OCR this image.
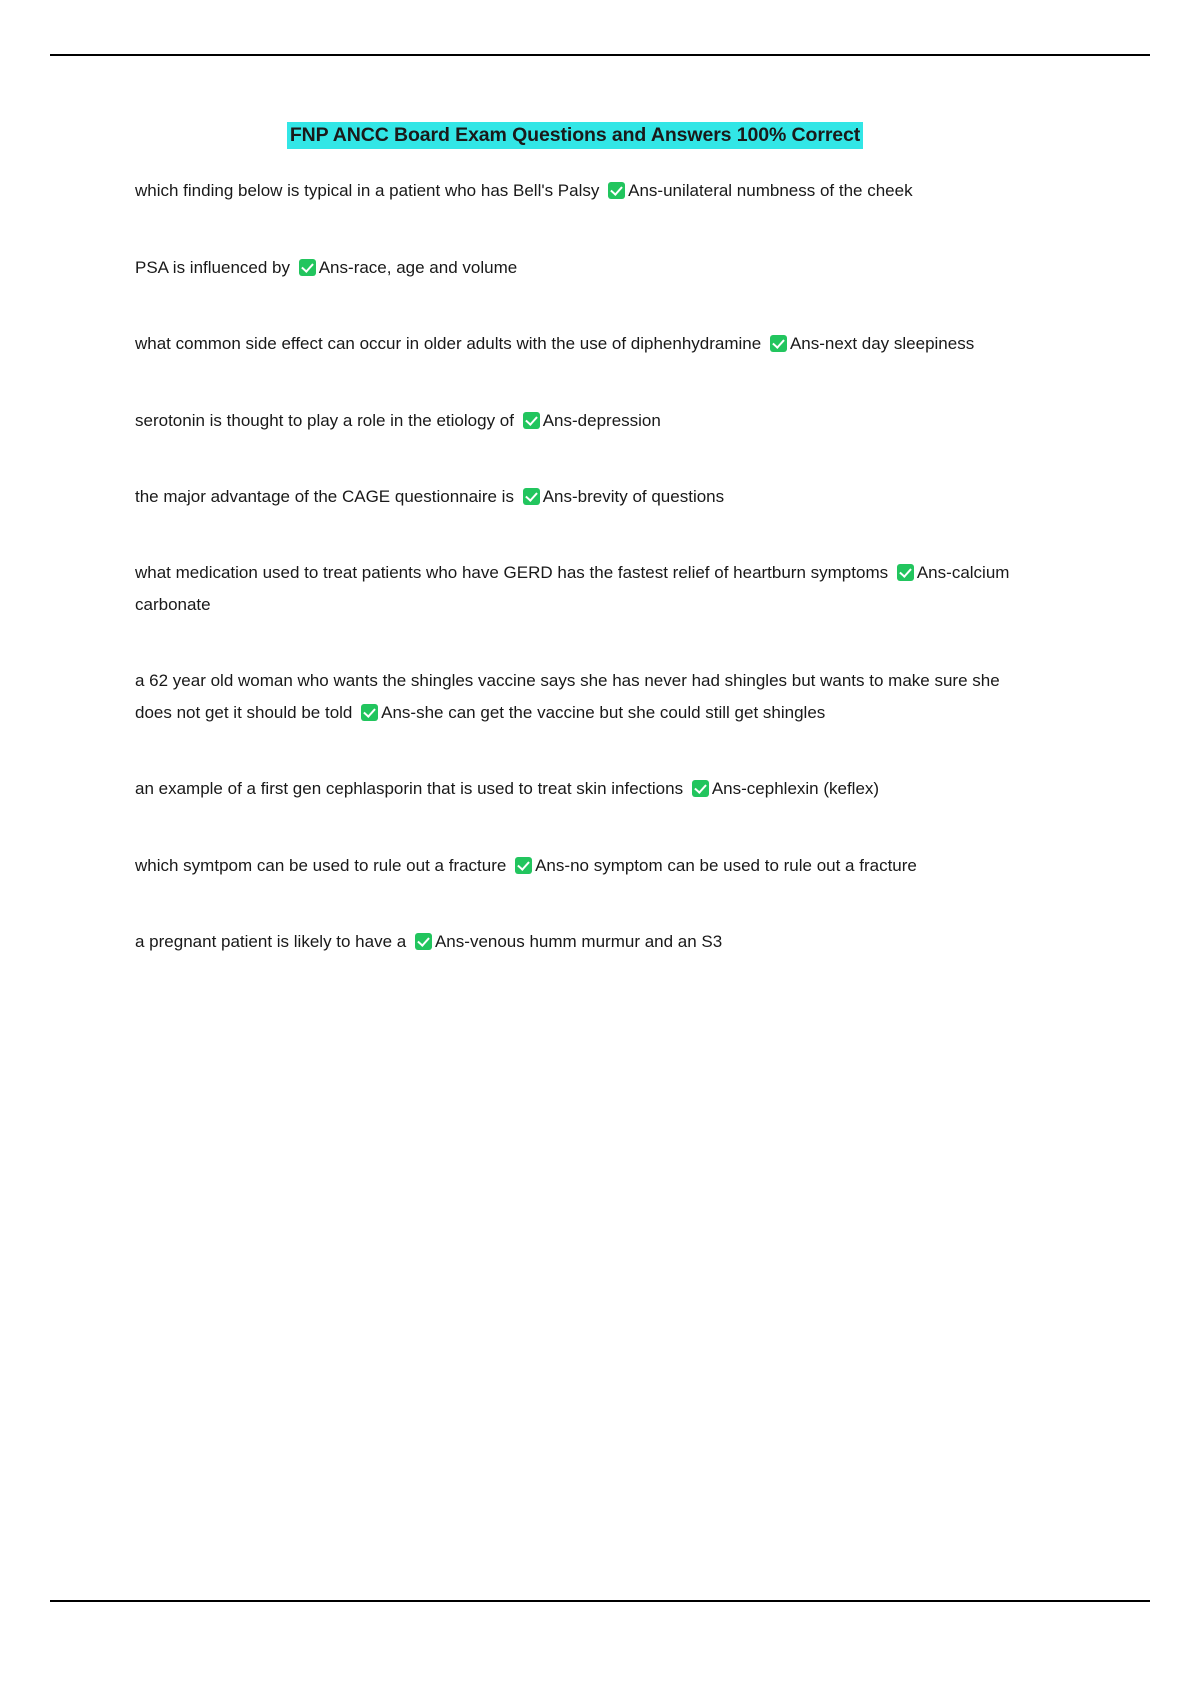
FNP ANCC Board Exam Questions and Answers 100% Correct

which finding below is typical in a patient who has Bell's Palsy Ans-unilateral numbness of the cheek

PSA is influenced by Ans-race, age and volume

what common side effect can occur in older adults with the use of diphenhydramine Ans-next day sleepiness

serotonin is thought to play a role in the etiology of Ans-depression

the major advantage of the CAGE questionnaire is Ans-brevity of questions

what medication used to treat patients who have GERD has the fastest relief of heartburn symptoms Ans-calcium carbonate

a 62 year old woman who wants the shingles vaccine says she has never had shingles but wants to make sure she does not get it should be told Ans-she can get the vaccine but she could still get shingles

an example of a first gen cephlasporin that is used to treat skin infections Ans-cephlexin (keflex)

which symtpom can be used to rule out a fracture Ans-no symptom can be used to rule out a fracture

a pregnant patient is likely to have a Ans-venous humm murmur and an S3
